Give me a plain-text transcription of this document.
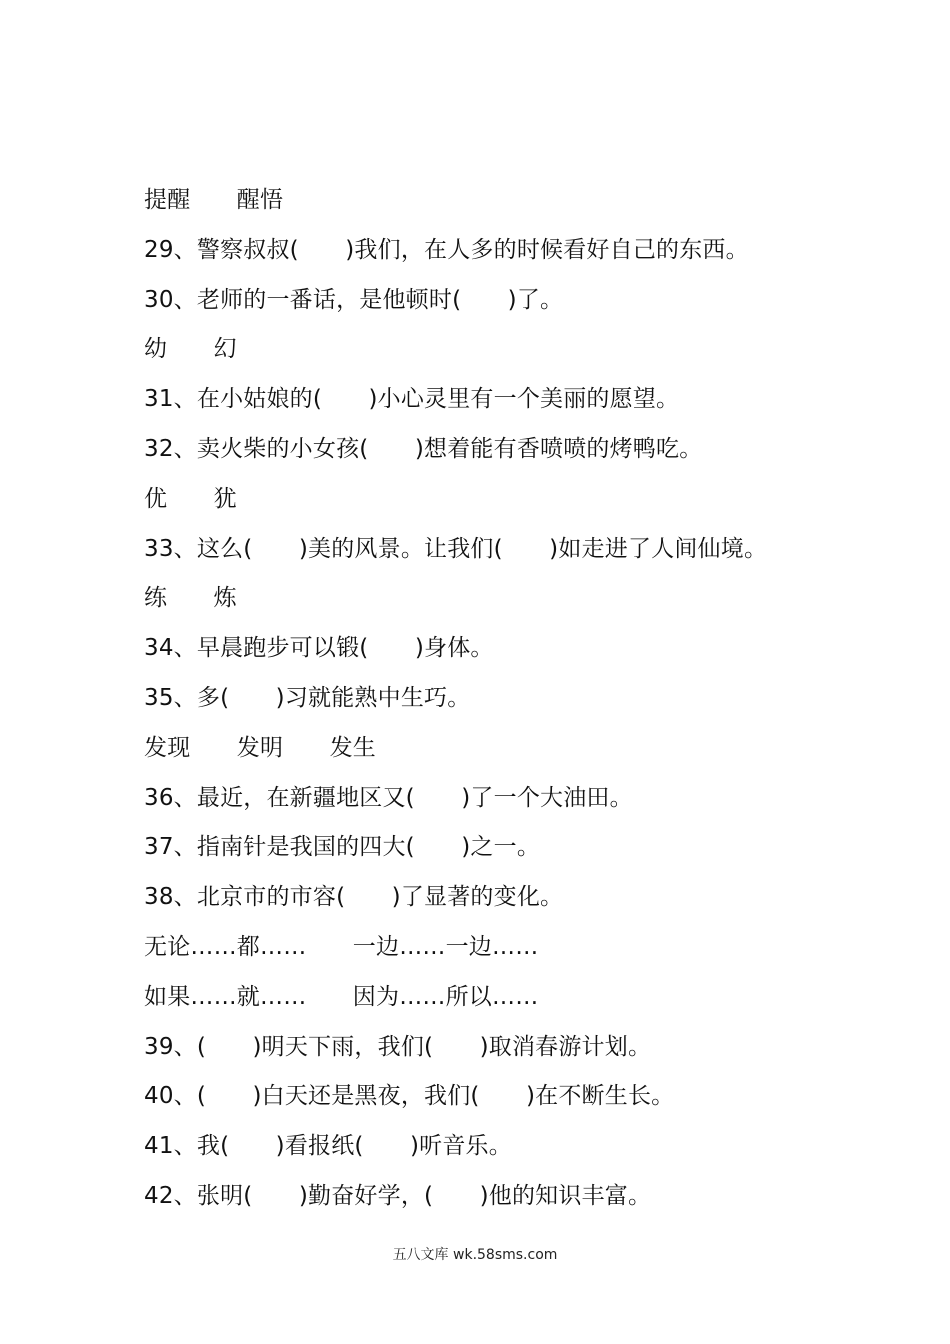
提醒　　醒悟
29、警察叔叔(　　)我们，在人多的时候看好自己的东西。
30、老师的一番话，是他顿时(　　)了。
幼　　幻
31、在小姑娘的(　　)小心灵里有一个美丽的愿望。
32、卖火柴的小女孩(　　)想着能有香喷喷的烤鸭吃。
优　　犹
33、这么(　　)美的风景。让我们(　　)如走进了人间仙境。
练　　炼
34、早晨跑步可以锻(　　)身体。
35、多(　　)习就能熟中生巧。
发现　　发明　　发生
36、最近，在新疆地区又(　　)了一个大油田。
37、指南针是我国的四大(　　)之一。
38、北京市的市容(　　)了显著的变化。
无论……都……　　一边……一边……
如果……就……　　因为……所以……
39、(　　)明天下雨，我们(　　)取消春游计划。
40、(　　)白天还是黑夜，我们(　　)在不断生长。
41、我(　　)看报纸(　　)听音乐。
42、张明(　　)勤奋好学，(　　)他的知识丰富。
五八文库 wk.58sms.com
